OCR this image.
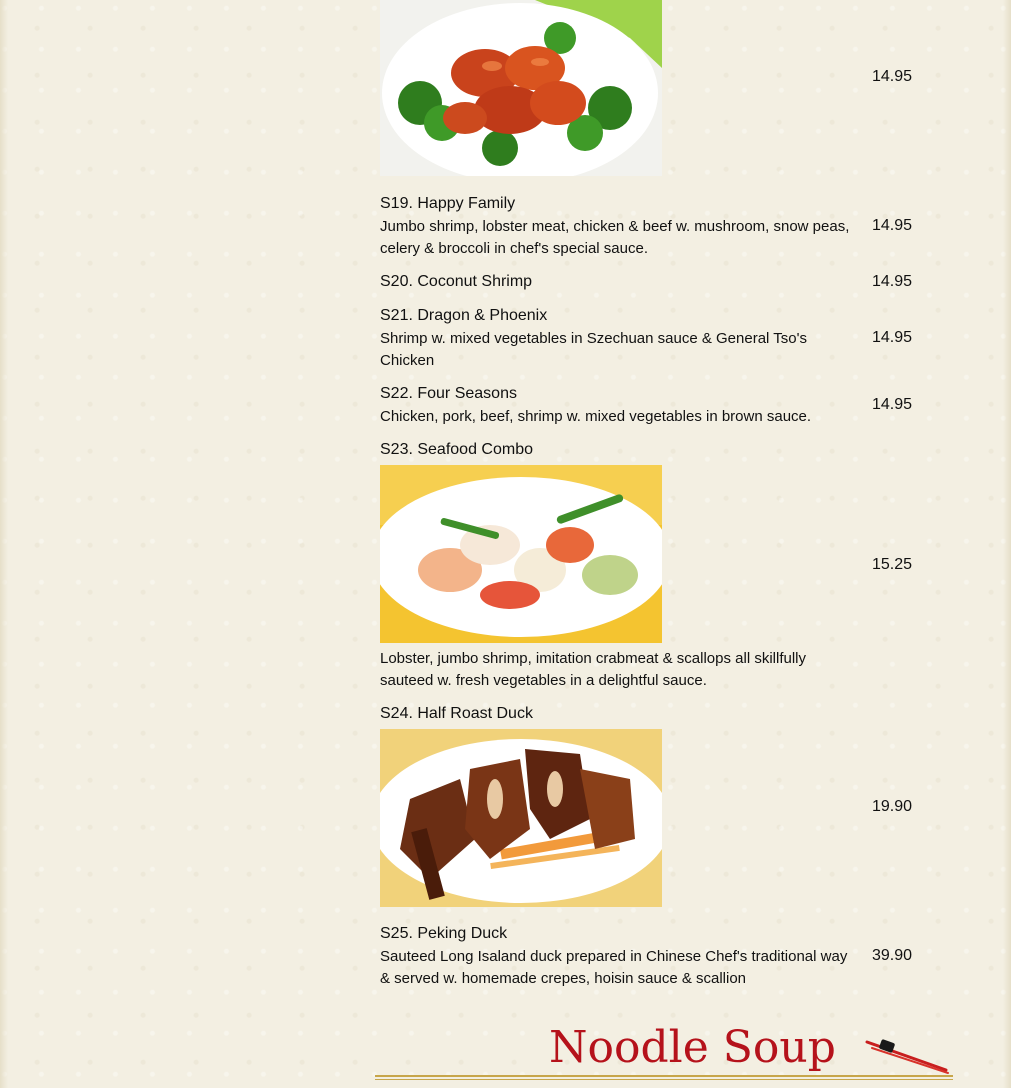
14.95
S19. Happy Family
Jumbo shrimp, lobster meat, chicken & beef w. mushroom, snow peas, celery & broccoli in chef's special sauce.
14.95
S20. Coconut Shrimp	14.95
S21. Dragon & Phoenix
Shrimp w. mixed vegetables in Szechuan sauce & General Tso's Chicken
14.95
S22. Four Seasons
Chicken, pork, beef, shrimp w. mixed vegetables in brown sauce.
14.95
S23. Seafood Combo
Lobster, jumbo shrimp, imitation crabmeat & scallops all skillfully sauteed w. fresh vegetables in a delightful sauce.
15.25
S24. Half Roast Duck
19.90
S25. Peking Duck
Sauteed Long Isaland duck prepared in Chinese Chef's traditional way & served w. homemade crepes, hoisin sauce & scallion
39.90
Noodle Soup
